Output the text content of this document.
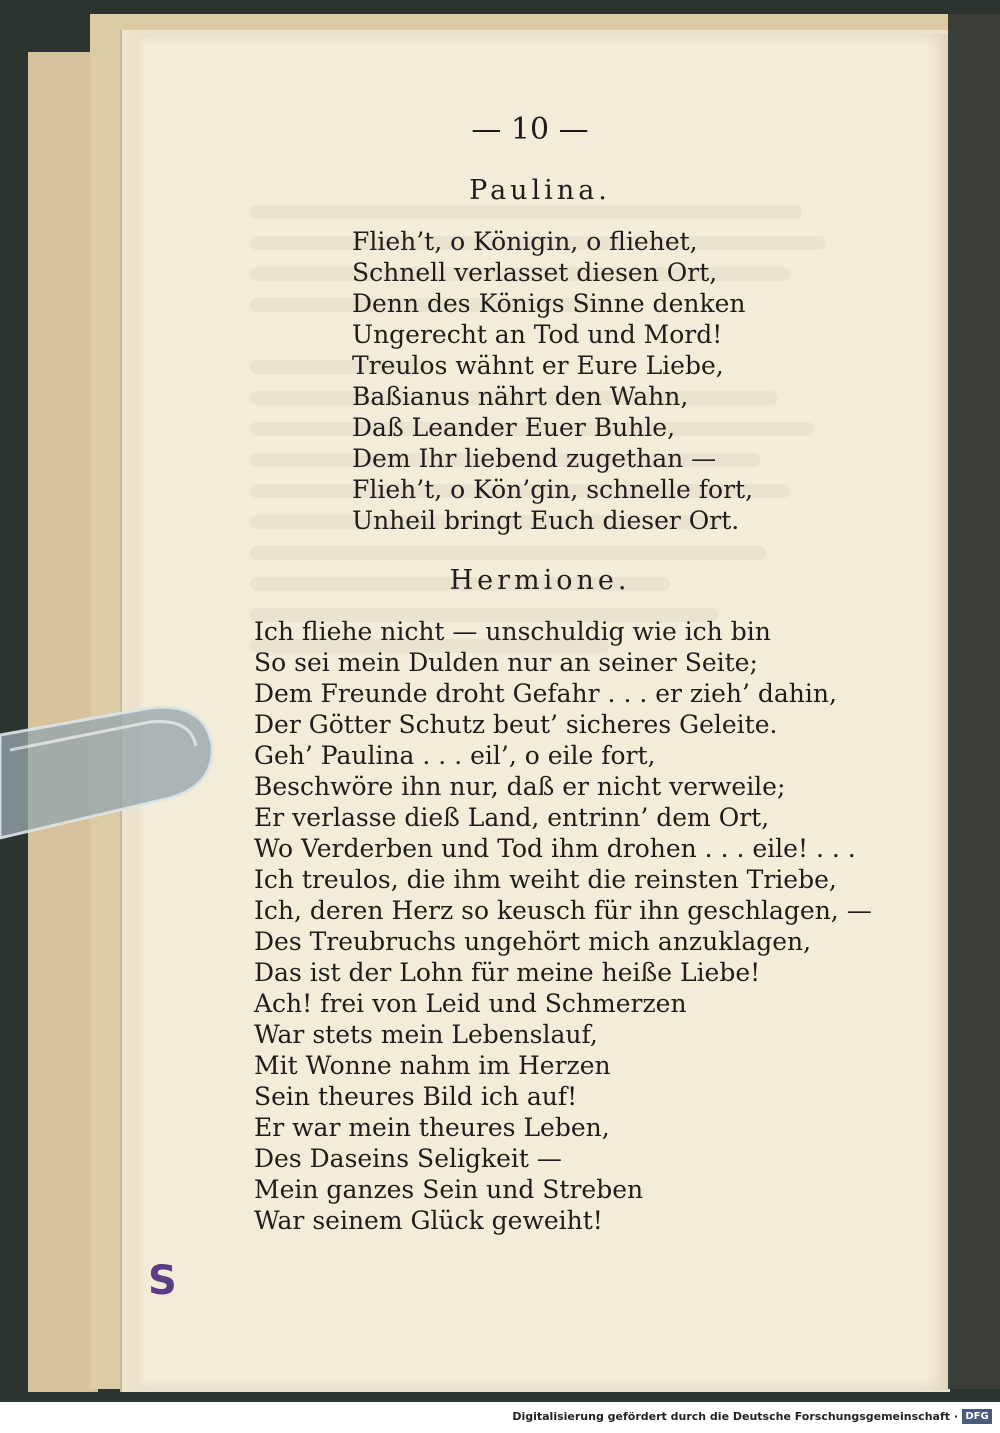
S
— 10 —
Paulina.
Flieh’t, o Königin, o fliehet,
Schnell verlasset diesen Ort,
Denn des Königs Sinne denken
Ungerecht an Tod und Mord!
Treulos wähnt er Eure Liebe,
Baßianus nährt den Wahn,
Daß Leander Euer Buhle,
Dem Ihr liebend zugethan —
Flieh’t, o Kön’gin, schnelle fort,
Unheil bringt Euch dieser Ort.
Hermione.
Ich fliehe nicht — unschuldig wie ich bin
So sei mein Dulden nur an seiner Seite;
Dem Freunde droht Gefahr . . . er zieh’ dahin,
Der Götter Schutz beut’ sicheres Geleite.
Geh’ Paulina . . . eil’, o eile fort,
Beschwöre ihn nur, daß er nicht verweile;
Er verlasse dieß Land, entrinn’ dem Ort,
Wo Verderben und Tod ihm drohen . . . eile! . . .
Ich treulos, die ihm weiht die reinsten Triebe,
Ich, deren Herz so keusch für ihn geschlagen, —
Des Treubruchs ungehört mich anzuklagen,
Das ist der Lohn für meine heiße Liebe!
Ach! frei von Leid und Schmerzen
War stets mein Lebenslauf,
Mit Wonne nahm im Herzen
Sein theures Bild ich auf!
Er war mein theures Leben,
Des Daseins Seligkeit —
Mein ganzes Sein und Streben
War seinem Glück geweiht!
Digitalisierung gefördert durch die Deutsche Forschungsgemeinschaft · DFG
